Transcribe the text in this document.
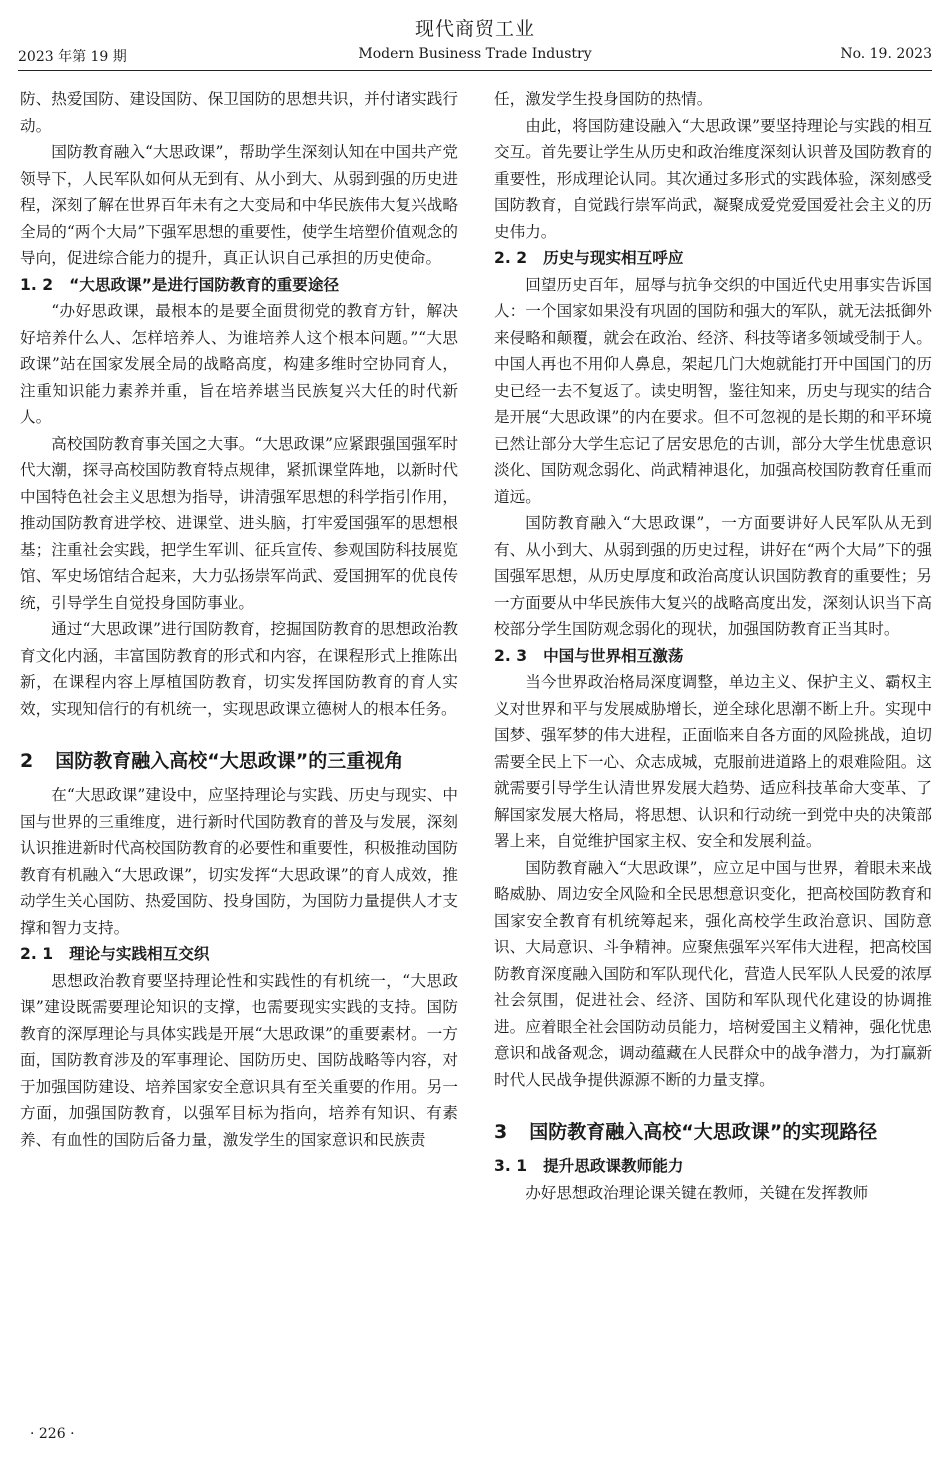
现代商贸工业
2023 年第 19 期	Modern Business Trade Industry	No. 19. 2023

防、热爱国防、建设国防、保卫国防的思想共识，并付诸实践行动。

国防教育融入“大思政课”，帮助学生深刻认知在中国共产党领导下，人民军队如何从无到有、从小到大、从弱到强的历史进程，深刻了解在世界百年未有之大变局和中华民族伟大复兴战略全局的“两个大局”下强军思想的重要性，使学生培塑价值观念的导向，促进综合能力的提升，真正认识自己承担的历史使命。

1. 2 “大思政课”是进行国防教育的重要途径

“办好思政课，最根本的是要全面贯彻党的教育方针，解决好培养什么人、怎样培养人、为谁培养人这个根本问题。”“大思政课”站在国家发展全局的战略高度，构建多维时空协同育人，注重知识能力素养并重，旨在培养堪当民族复兴大任的时代新人。

高校国防教育事关国之大事。“大思政课”应紧跟强国强军时代大潮，探寻高校国防教育特点规律，紧抓课堂阵地，以新时代中国特色社会主义思想为指导，讲清强军思想的科学指引作用，推动国防教育进学校、进课堂、进头脑，打牢爱国强军的思想根基；注重社会实践，把学生军训、征兵宣传、参观国防科技展览馆、军史场馆结合起来，大力弘扬崇军尚武、爱国拥军的优良传统，引导学生自觉投身国防事业。

通过“大思政课”进行国防教育，挖掘国防教育的思想政治教育文化内涵，丰富国防教育的形式和内容，在课程形式上推陈出新，在课程内容上厚植国防教育，切实发挥国防教育的育人实效，实现知信行的有机统一，实现思政课立德树人的根本任务。

2 国防教育融入高校“大思政课”的三重视角

在“大思政课”建设中，应坚持理论与实践、历史与现实、中国与世界的三重维度，进行新时代国防教育的普及与发展，深刻认识推进新时代高校国防教育的必要性和重要性，积极推动国防教育有机融入“大思政课”，切实发挥“大思政课”的育人成效，推动学生关心国防、热爱国防、投身国防，为国防力量提供人才支撑和智力支持。

2. 1 理论与实践相互交织

思想政治教育要坚持理论性和实践性的有机统一，“大思政课”建设既需要理论知识的支撑，也需要现实实践的支持。国防教育的深厚理论与具体实践是开展“大思政课”的重要素材。一方面，国防教育涉及的军事理论、国防历史、国防战略等内容，对于加强国防建设、培养国家安全意识具有至关重要的作用。另一方面，加强国防教育，以强军目标为指向，培养有知识、有素养、有血性的国防后备力量，激发学生的国家意识和民族责

任，激发学生投身国防的热情。

由此，将国防建设融入“大思政课”要坚持理论与实践的相互交互。首先要让学生从历史和政治维度深刻认识普及国防教育的重要性，形成理论认同。其次通过多形式的实践体验，深刻感受国防教育，自觉践行崇军尚武，凝聚成爱党爱国爱社会主义的历史伟力。

2. 2 历史与现实相互呼应

回望历史百年，屈辱与抗争交织的中国近代史用事实告诉国人：一个国家如果没有巩固的国防和强大的军队，就无法抵御外来侵略和颠覆，就会在政治、经济、科技等诸多领域受制于人。中国人再也不用仰人鼻息，架起几门大炮就能打开中国国门的历史已经一去不复返了。读史明智，鉴往知来，历史与现实的结合是开展“大思政课”的内在要求。但不可忽视的是长期的和平环境已然让部分大学生忘记了居安思危的古训，部分大学生忧患意识淡化、国防观念弱化、尚武精神退化，加强高校国防教育任重而道远。

国防教育融入“大思政课”，一方面要讲好人民军队从无到有、从小到大、从弱到强的历史过程，讲好在“两个大局”下的强国强军思想，从历史厚度和政治高度认识国防教育的重要性；另一方面要从中华民族伟大复兴的战略高度出发，深刻认识当下高校部分学生国防观念弱化的现状，加强国防教育正当其时。

2. 3 中国与世界相互激荡

当今世界政治格局深度调整，单边主义、保护主义、霸权主义对世界和平与发展威胁增长，逆全球化思潮不断上升。实现中国梦、强军梦的伟大进程，正面临来自各方面的风险挑战，迫切需要全民上下一心、众志成城，克服前进道路上的艰难险阻。这就需要引导学生认清世界发展大趋势、适应科技革命大变革、了解国家发展大格局，将思想、认识和行动统一到党中央的决策部署上来，自觉维护国家主权、安全和发展利益。

国防教育融入“大思政课”，应立足中国与世界，着眼未来战略威胁、周边安全风险和全民思想意识变化，把高校国防教育和国家安全教育有机统筹起来，强化高校学生政治意识、国防意识、大局意识、斗争精神。应聚焦强军兴军伟大进程，把高校国防教育深度融入国防和军队现代化，营造人民军队人民爱的浓厚社会氛围，促进社会、经济、国防和军队现代化建设的协调推进。应着眼全社会国防动员能力，培树爱国主义精神，强化忧患意识和战备观念，调动蕴藏在人民群众中的战争潜力，为打赢新时代人民战争提供源源不断的力量支撑。

3 国防教育融入高校“大思政课”的实现路径
3. 1 提升思政课教师能力

办好思想政治理论课关键在教师，关键在发挥教师

· 226 ·
